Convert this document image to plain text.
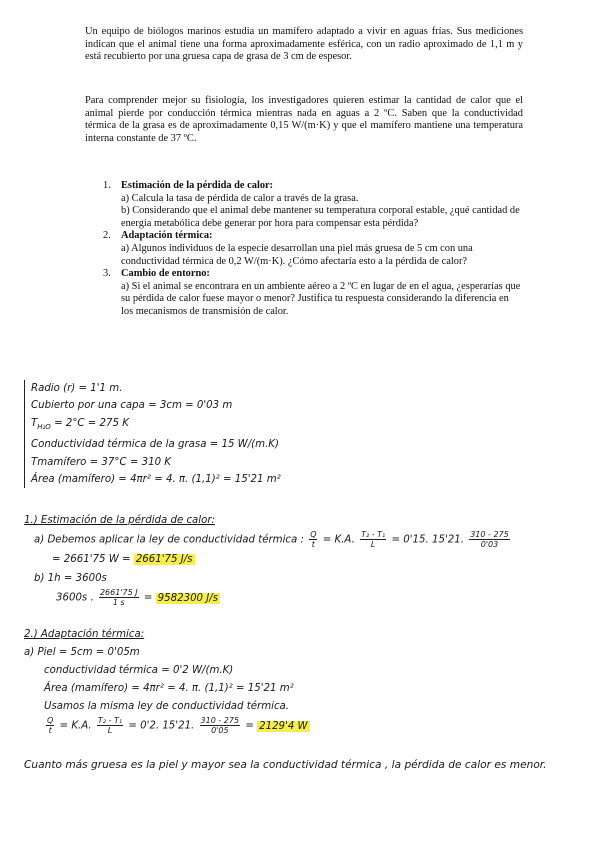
Un equipo de biólogos marinos estudia un mamífero adaptado a vivir en aguas frías. Sus mediciones indican que el animal tiene una forma aproximadamente esférica, con un radio aproximado de 1,1 m y está recubierto por una gruesa capa de grasa de 3 cm de espesor.

Para comprender mejor su fisiología, los investigadores quieren estimar la cantidad de calor que el animal pierde por conducción térmica mientras nada en aguas a 2 ºC. Saben que la conductividad térmica de la grasa es de aproximadamente 0,15 W/(m·K) y que el mamífero mantiene una temperatura interna constante de 37 ºC.

1. Estimación de la pérdida de calor:
a) Calcula la tasa de pérdida de calor a través de la grasa.
b) Considerando que el animal debe mantener su temperatura corporal estable, ¿qué cantidad de energía metabólica debe generar por hora para compensar esta pérdida?
2. Adaptación térmica:
a) Algunos individuos de la especie desarrollan una piel más gruesa de 5 cm con una conductividad térmica de 0,2 W/(m·K). ¿Cómo afectaría esto a la pérdida de calor?
3. Cambio de entorno:
a) Si el animal se encontrara en un ambiente aéreo a 2 ºC en lugar de en el agua, ¿esperarías que su pérdida de calor fuese mayor o menor? Justifica tu respuesta considerando la diferencia en los mecanismos de transmisión de calor.
Radio (r) = 1'1 m.
Cubierto por una capa = 3cm = 0'03 m
$T_{H_2O} = 2^\circ C = 275$ K
Conductividad térmica de la grasa = 15 W/(m.K)
Tmamífero = 37°C = 310 K
Área (mamífero) = 4πr² = 4. π. (1,1)² = 15'21 m²
1.) Estimación de la pérdida de calor:
a) Debemos aplicar la ley de conductividad térmica : $\frac{Q}{t} = K.A$. $\frac{\text{T₂ - T₁}}{L} = 0'15$. 15'21. $\frac{310 - 275}{0'03}$
= 2661'75 W = 2661'75 J/s
b) 1h = 3600s
3600s . $\frac{2661'75 J}{1 s} = 9582300$ J/s
2.) Adaptación térmica:
a) Piel = 5cm = 0'05m
conductividad térmica = 0'2 W/(m.K)
Área (mamífero) = 4πr² = 4. π. (1,1)² = 15'21 m²
Usamos la misma ley de conductividad térmica.
$\frac{Q}{t} = K.A$. $\frac{\text{T₂ - T₁}}{L} = 0'2$. 15'21. $\frac{310 - 275}{0'05} = 2129'4$ W
Cuanto más gruesa es la piel y mayor sea la conductividad térmica , la pérdida de calor es menor.
